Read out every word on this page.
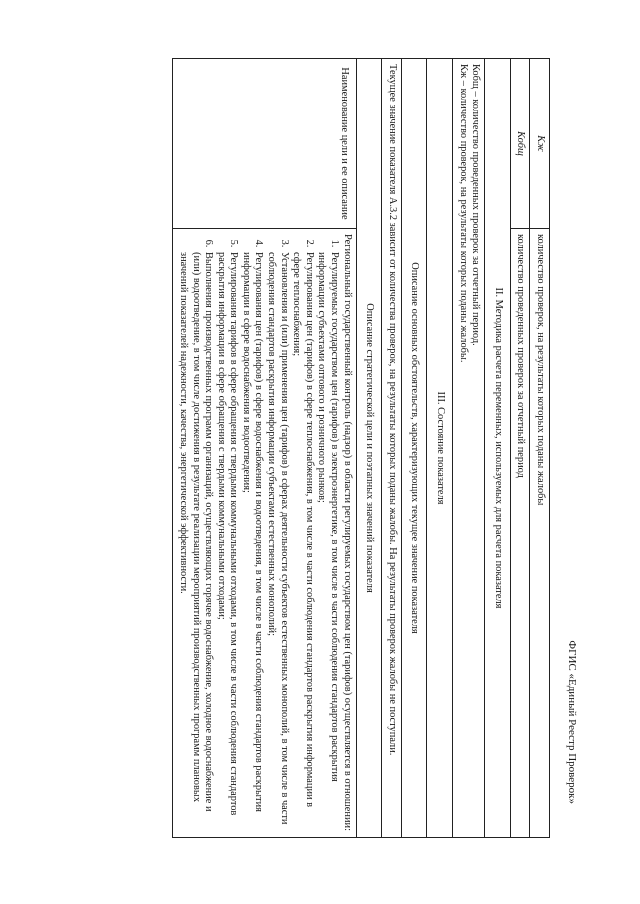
ФГИС «Единый Реестр Проверок»
Кж
количество проверок, на результаты которых поданы жалобы
Кобщ
количество проведенных проверок за отчетный период
II. Методика расчета переменных, используемых для расчета показателя

Кобщ – количество проведенных проверок за отчетный период.

Кж – количество проверок, на результаты которых поданы жалобы.

III. Состояние показателя
Описание основных обстоятельств, характеризующих текущее значение показателя
Текущее значение показателя А.3.2 зависит от количества проверок, на результаты которых поданы жалобы. На результаты проверок жалобы не поступали.
Описание стратегической цели и поэтапных значений показателя
Наименование цели и ее описание

Региональный государственный контроль (надзор) в области регулируемых государством цен (тарифов) осуществляется в отношении:

1. Регулируемых государством цен (тарифов) в электроэнергетике, в том числе в части соблюдения стандартов раскрытия информации субъектами оптового и розничного рынков;
2. Регулирования цен (тарифов) в сфере теплоснабжения, в том числе в части соблюдения стандартов раскрытия информации в сфере теплоснабжения;
3. Установления и (или) применения цен (тарифов) в сферах деятельности субъектов естественных монополий, в том числе в части соблюдения стандартов раскрытия информации субъектами естественных монополий;
4. Регулирования цен (тарифов) в сфере водоснабжения и водоотведения, в том числе в части соблюдения стандартов раскрытия информации в сфере водоснабжения и водоотведения;
5. Регулирования тарифов в сфере обращения с твердыми коммунальными отходами, в том числе в части соблюдения стандартов раскрытия информации в сфере обращения с твердыми коммунальными отходами;
6. Выполнения производственных программ организаций, осуществляющих горячее водоснабжение, холодное водоснабжение и (или) водоотведение, в том числе достижения в результате реализации мероприятий производственных программ плановых значений показателей надежности, качества, энергетической эффективности.
